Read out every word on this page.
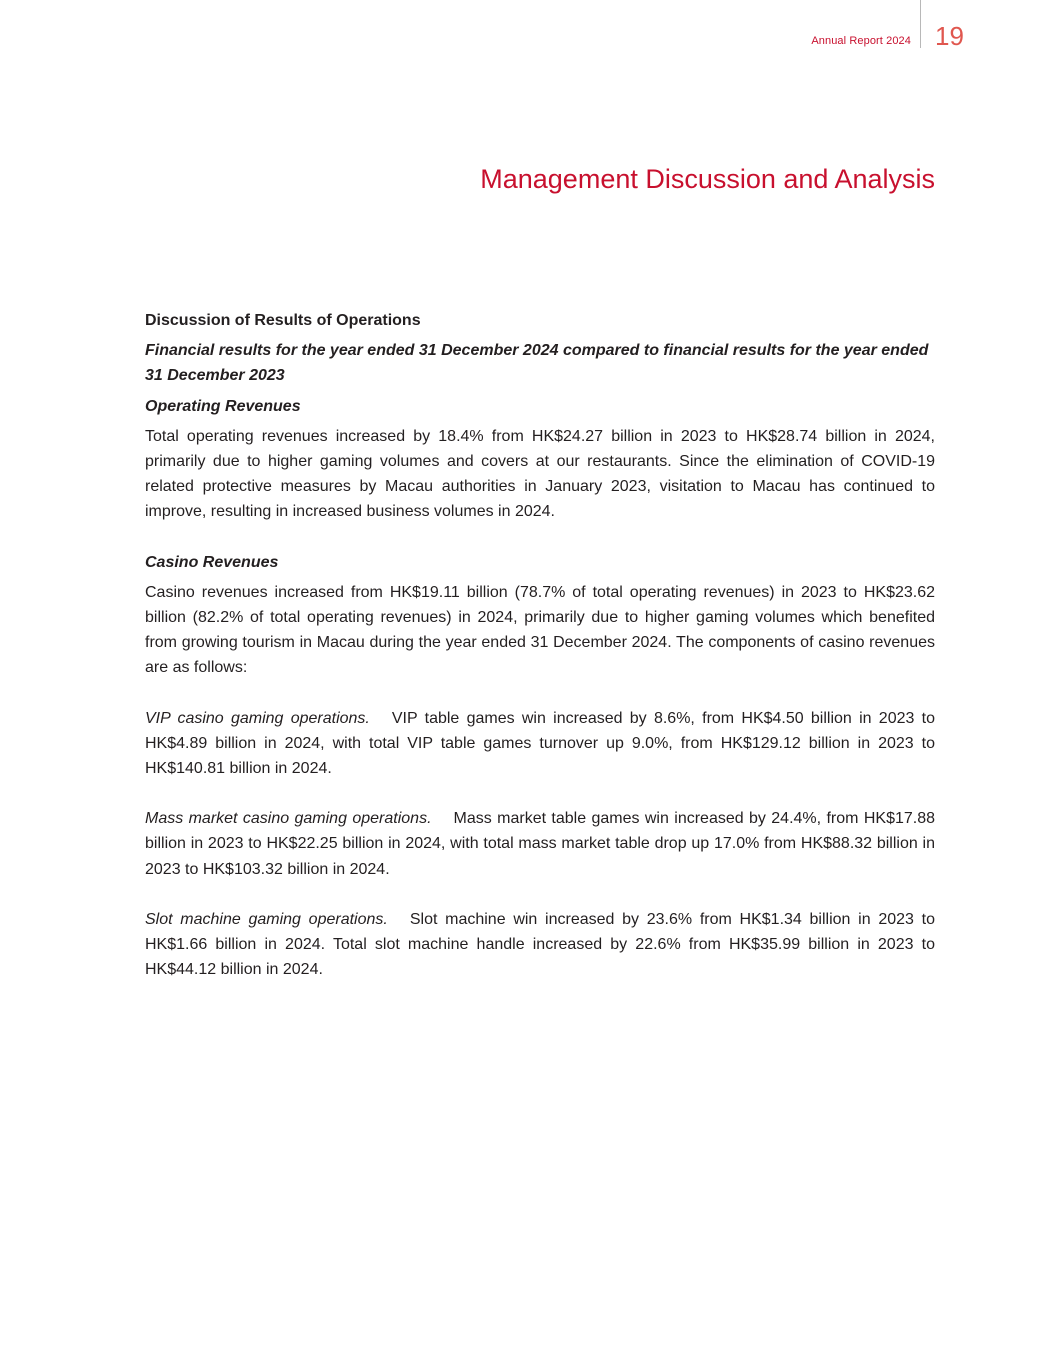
Annual Report 2024 19
Management Discussion and Analysis

Discussion of Results of Operations

Financial results for the year ended 31 December 2024 compared to financial results for the year ended 31 December 2023

Operating Revenues

Total operating revenues increased by 18.4% from HK$24.27 billion in 2023 to HK$28.74 billion in 2024, primarily due to higher gaming volumes and covers at our restaurants. Since the elimination of COVID-19 related protective measures by Macau authorities in January 2023, visitation to Macau has continued to improve, resulting in increased business volumes in 2024.

Casino Revenues

Casino revenues increased from HK$19.11 billion (78.7% of total operating revenues) in 2023 to HK$23.62 billion (82.2% of total operating revenues) in 2024, primarily due to higher gaming volumes which benefited from growing tourism in Macau during the year ended 31 December 2024. The components of casino revenues are as follows:

VIP casino gaming operations. VIP table games win increased by 8.6%, from HK$4.50 billion in 2023 to HK$4.89 billion in 2024, with total VIP table games turnover up 9.0%, from HK$129.12 billion in 2023 to HK$140.81 billion in 2024.

Mass market casino gaming operations. Mass market table games win increased by 24.4%, from HK$17.88 billion in 2023 to HK$22.25 billion in 2024, with total mass market table drop up 17.0% from HK$88.32 billion in 2023 to HK$103.32 billion in 2024.

Slot machine gaming operations. Slot machine win increased by 23.6% from HK$1.34 billion in 2023 to HK$1.66 billion in 2024. Total slot machine handle increased by 22.6% from HK$35.99 billion in 2023 to HK$44.12 billion in 2024.
